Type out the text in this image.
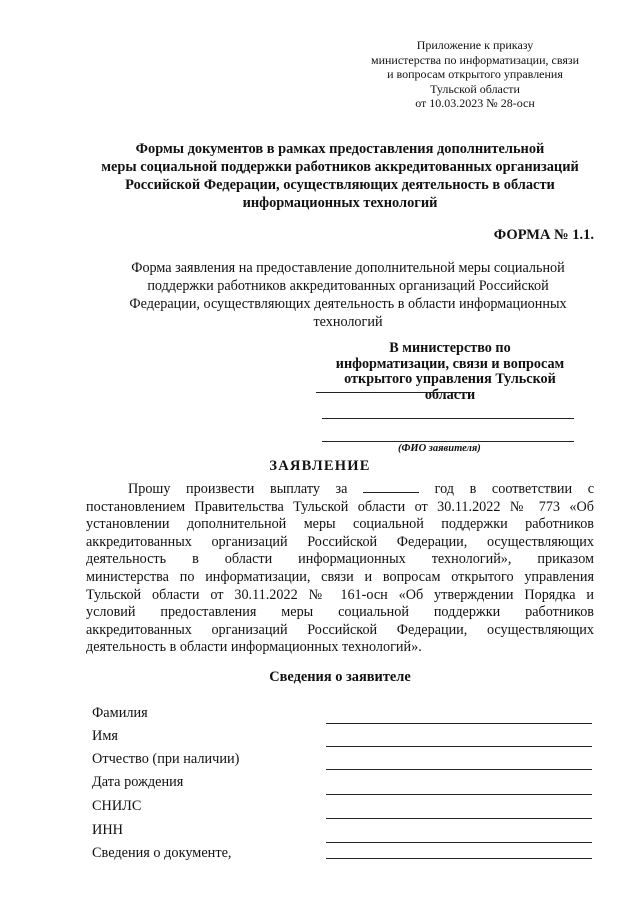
Приложение к приказу
министерства по информатизации, связи
и вопросам открытого управления
Тульской области
от 10.03.2023 № 28-осн
Формы документов в рамках предоставления дополнительной
меры социальной поддержки работников аккредитованных организаций
Российской Федерации, осуществляющих деятельность в области
информационных технологий
ФОРМА № 1.1.
Форма заявления на предоставление дополнительной меры социальной
поддержки работников аккредитованных организаций Российской
Федерации, осуществляющих деятельность в области информационных
технологий
В министерство по
информатизации, связи и вопросам
открытого управления Тульской
области
(ФИО заявителя)
ЗАЯВЛЕНИЕ
Прошу произвести выплату за	год в соответствии с
постановлением Правительства Тульской области от 30.11.2022 № 773 «Об
установлении дополнительной меры социальной поддержки работников
аккредитованных организаций Российской Федерации, осуществляющих
деятельность в области информационных технологий», приказом
министерства по информатизации, связи и вопросам открытого управления
Тульской области от 30.11.2022 № 161-осн «Об утверждении Порядка и
условий предоставления меры социальной поддержки работников
аккредитованных организаций Российской Федерации, осуществляющих
деятельность в области информационных технологий».
Сведения о заявителе
Фамилия
Имя
Отчество (при наличии)
Дата рождения
СНИЛС
ИНН
Сведения о документе,
